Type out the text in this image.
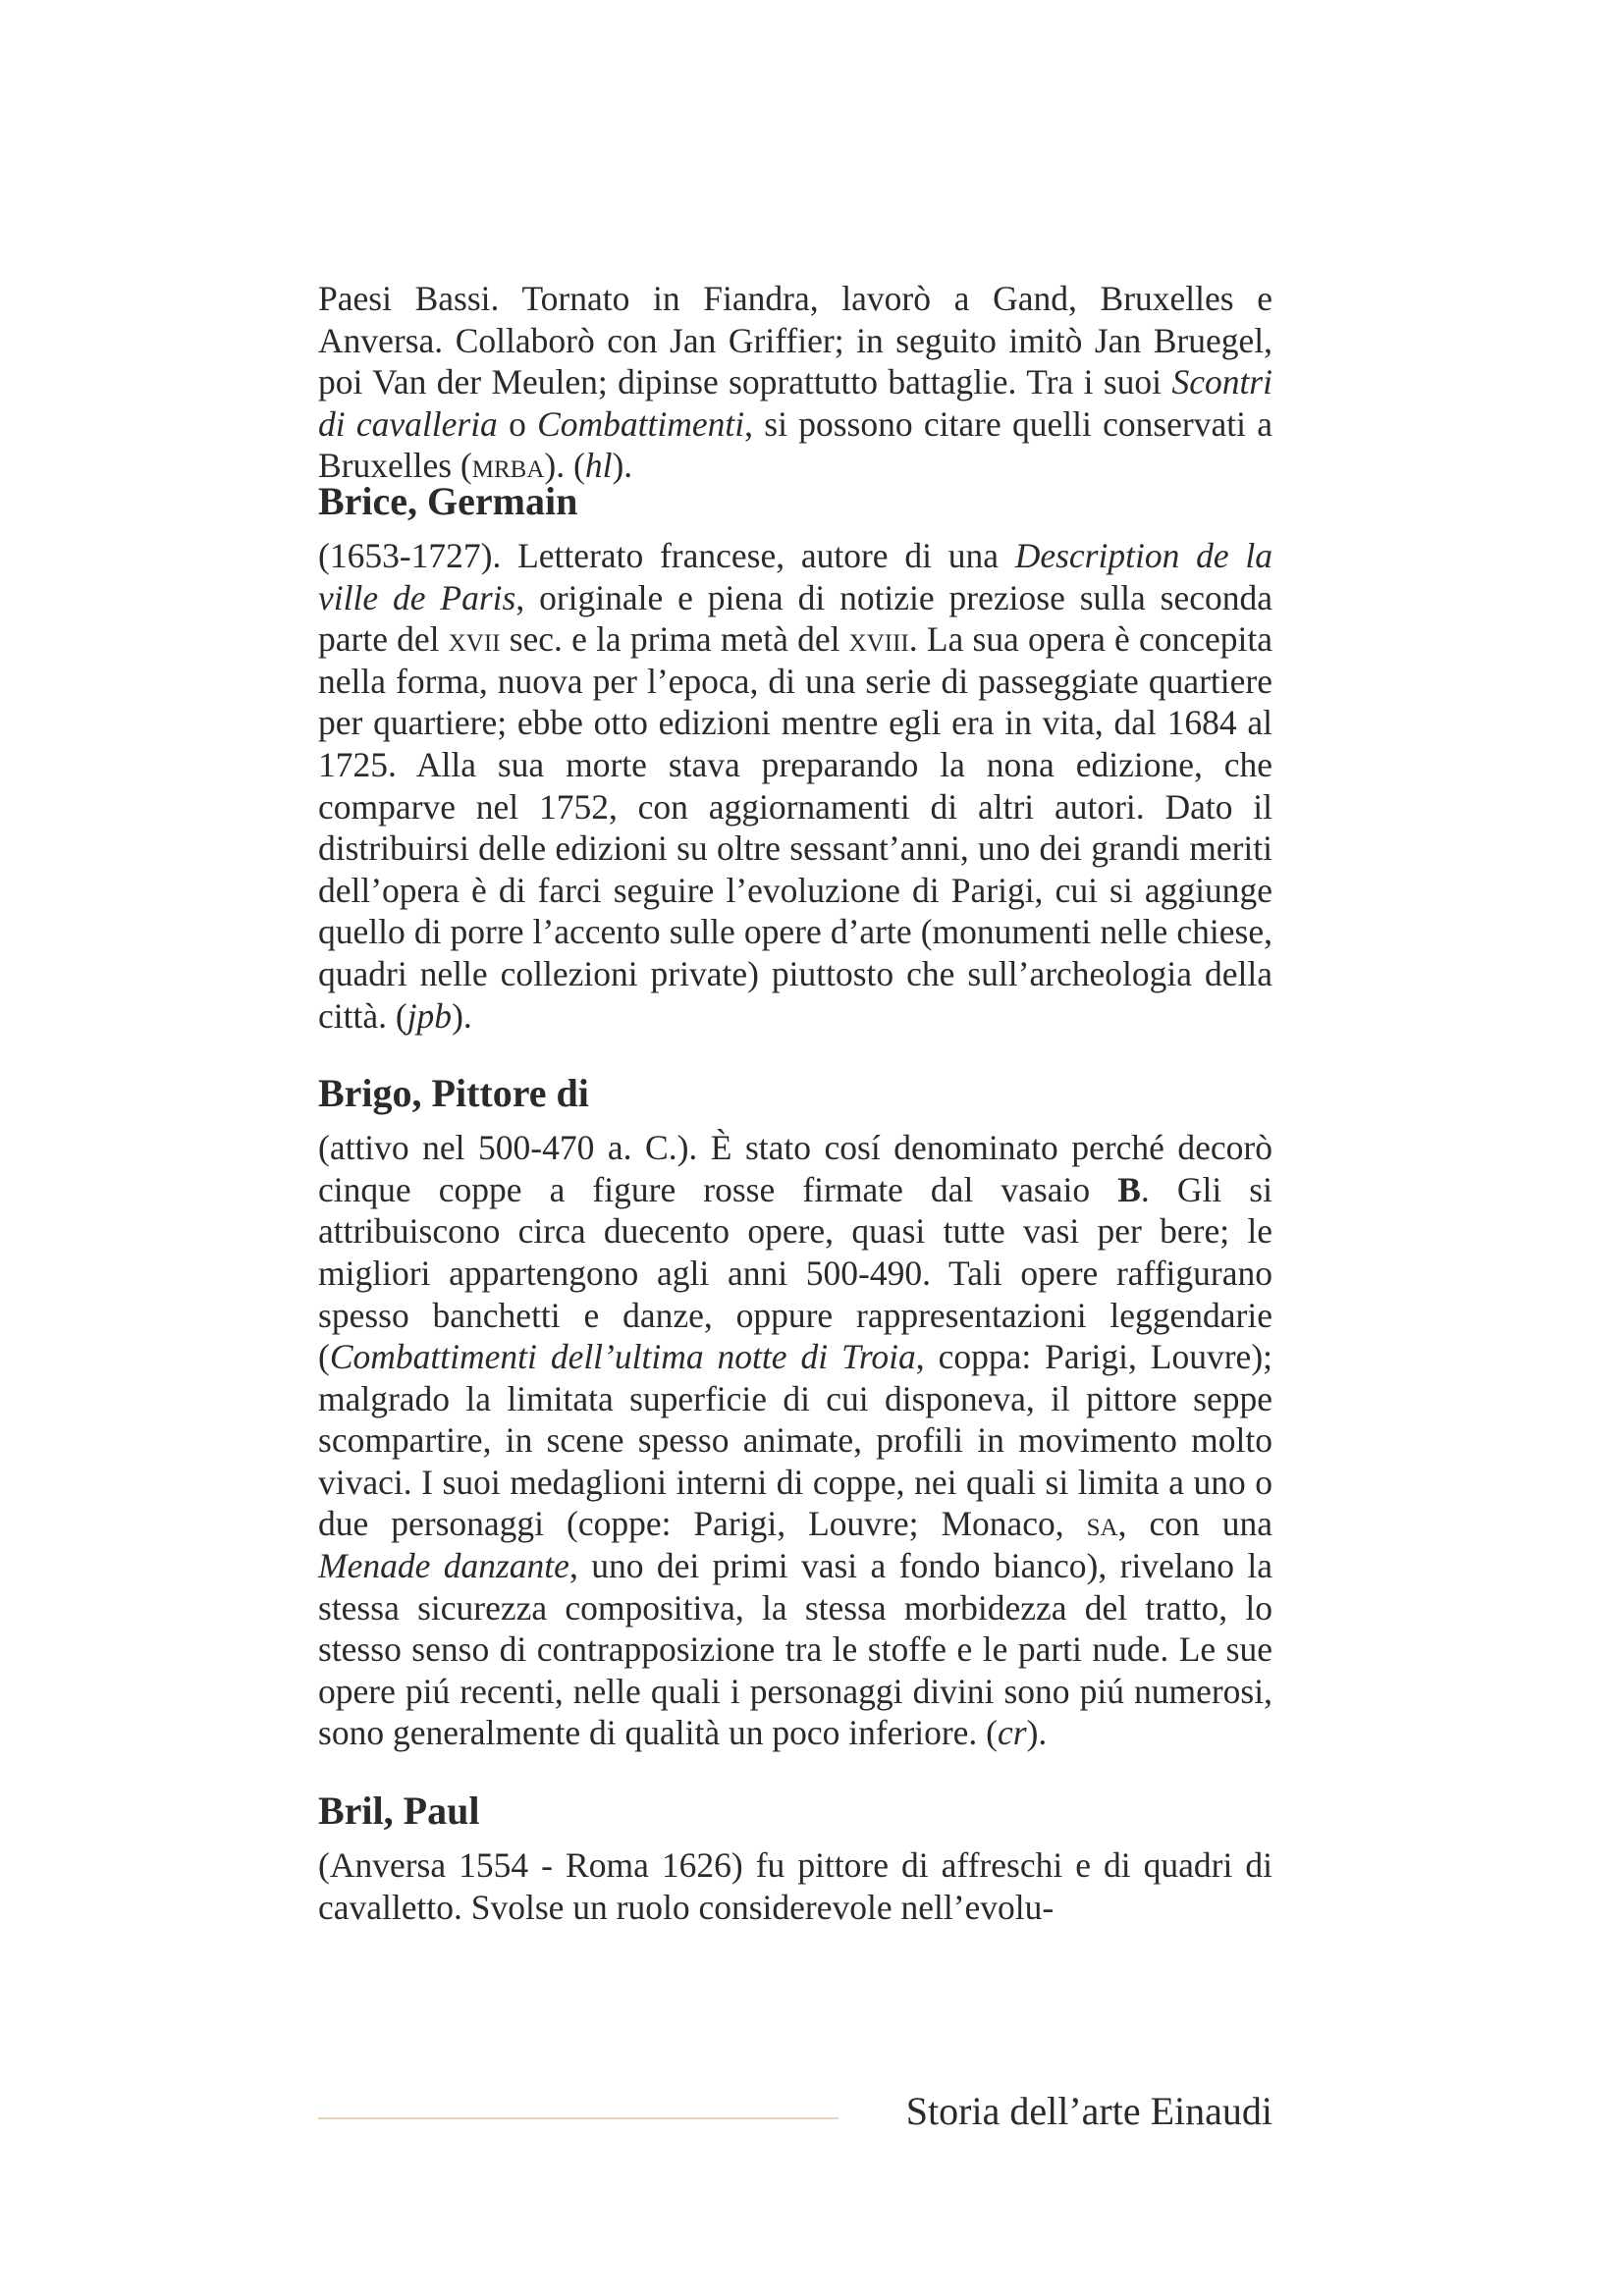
Paesi Bassi. Tornato in Fiandra, lavorò a Gand, Bruxelles e Anversa. Collaborò con Jan Griffier; in seguito imitò Jan Bruegel, poi Van der Meulen; dipinse soprattutto battaglie. Tra i suoi Scontri di cavalleria o Combattimenti, si possono citare quelli conservati a Bruxelles (mrba). (hl).

Brice, Germain

(1653-1727). Letterato francese, autore di una Description de la ville de Paris, originale e piena di notizie preziose sulla seconda parte del xvii sec. e la prima metà del xviii. La sua opera è concepita nella forma, nuova per l’epoca, di una serie di passeggiate quartiere per quartiere; ebbe otto edizioni mentre egli era in vita, dal 1684 al 1725. Alla sua morte stava preparando la nona edizione, che comparve nel 1752, con aggiornamenti di altri autori. Dato il distribuirsi delle edizioni su oltre sessant’anni, uno dei grandi meriti dell’opera è di farci seguire l’evoluzione di Parigi, cui si aggiunge quello di porre l’accento sulle opere d’arte (monumenti nelle chiese, quadri nelle collezioni private) piuttosto che sull’archeologia della città. (jpb).

Brigo, Pittore di

(attivo nel 500-470 a. C.). È stato cosí denominato perché decorò cinque coppe a figure rosse firmate dal vasaio B. Gli si attribuiscono circa duecento opere, quasi tutte vasi per bere; le migliori appartengono agli anni 500-490. Tali opere raffigurano spesso banchetti e danze, oppure rappresentazioni leggendarie (Combattimenti dell’ultima notte di Troia, coppa: Parigi, Louvre); malgrado la limitata superficie di cui disponeva, il pittore seppe scompartire, in scene spesso animate, profili in movimento molto vivaci. I suoi medaglioni interni di coppe, nei quali si limita a uno o due personaggi (coppe: Parigi, Louvre; Monaco, sa, con una Menade danzante, uno dei primi vasi a fondo bianco), rivelano la stessa sicurezza compositiva, la stessa morbidezza del tratto, lo stesso senso di contrapposizione tra le stoffe e le parti nude. Le sue opere piú recenti, nelle quali i personaggi divini sono piú numerosi, sono generalmente di qualità un poco inferiore. (cr).

Bril, Paul

(Anversa 1554 - Roma 1626) fu pittore di affreschi e di quadri di cavalletto. Svolse un ruolo considerevole nell’evolu-

Storia dell’arte Einaudi
